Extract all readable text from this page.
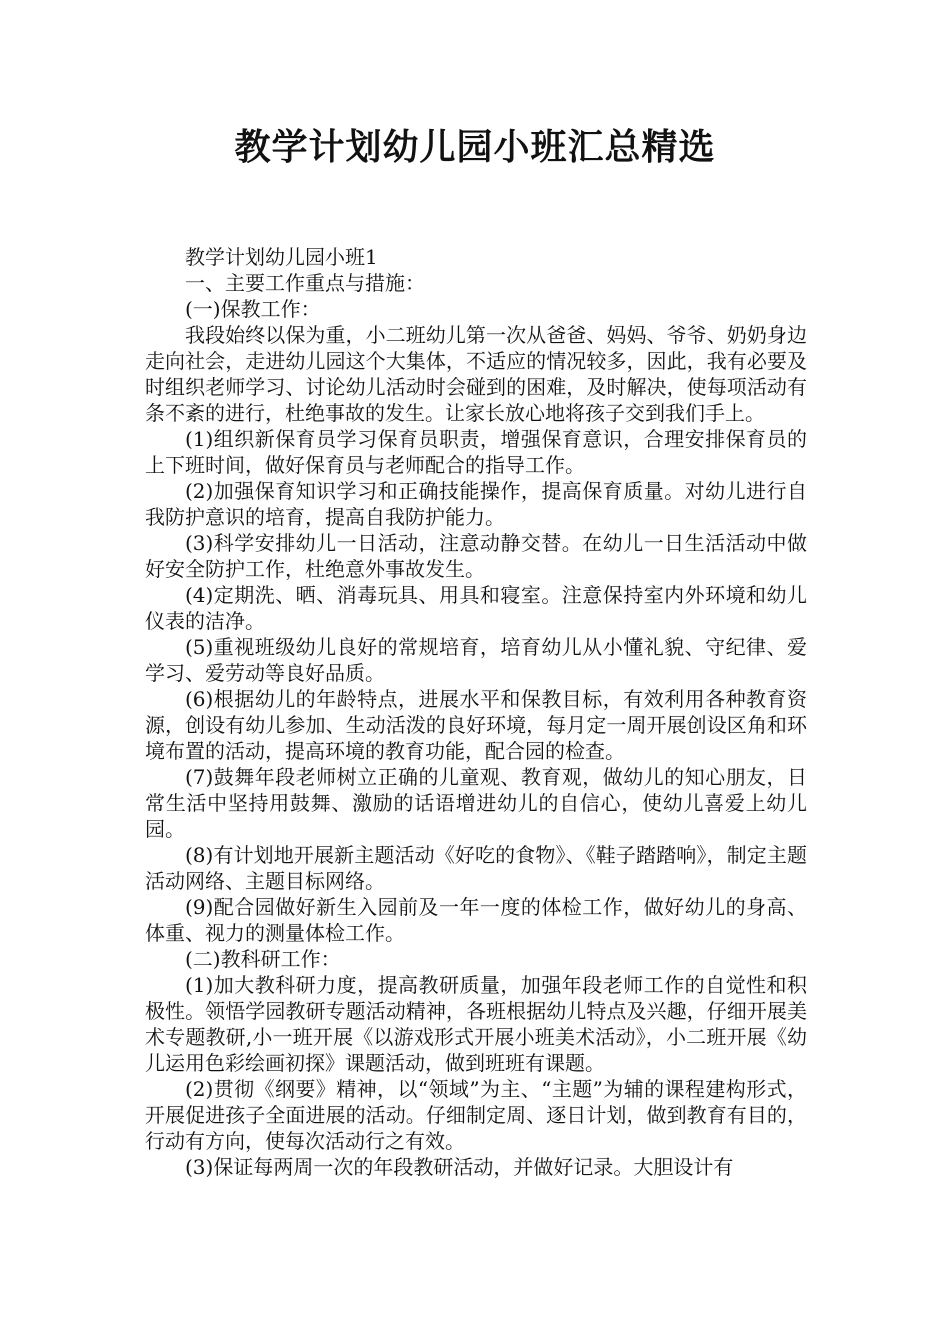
教学计划幼儿园小班汇总精选

教学计划幼儿园小班1

一、主要工作重点与措施：

(一)保教工作：

我段始终以保为重，小二班幼儿第一次从爸爸、妈妈、爷爷、奶奶身边走向社会，走进幼儿园这个大集体，不适应的情况较多，因此，我有必要及时组织老师学习、讨论幼儿活动时会碰到的困难，及时解决，使每项活动有条不紊的进行，杜绝事故的发生。让家长放心地将孩子交到我们手上。

(1)组织新保育员学习保育员职责，增强保育意识，合理安排保育员的上下班时间，做好保育员与老师配合的指导工作。

(2)加强保育知识学习和正确技能操作，提高保育质量。对幼儿进行自我防护意识的培育，提高自我防护能力。

(3)科学安排幼儿一日活动，注意动静交替。在幼儿一日生活活动中做好安全防护工作，杜绝意外事故发生。

(4)定期洗、晒、消毒玩具、用具和寝室。注意保持室内外环境和幼儿仪表的洁净。

(5)重视班级幼儿良好的常规培育，培育幼儿从小懂礼貌、守纪律、爱学习、爱劳动等良好品质。

(6)根据幼儿的年龄特点，进展水平和保教目标，有效利用各种教育资源，创设有幼儿参加、生动活泼的良好环境，每月定一周开展创设区角和环境布置的活动，提高环境的教育功能，配合园的检查。

(7)鼓舞年段老师树立正确的儿童观、教育观，做幼儿的知心朋友，日常生活中坚持用鼓舞、激励的话语增进幼儿的自信心，使幼儿喜爱上幼儿园。

(8)有计划地开展新主题活动《好吃的食物》、《鞋子踏踏响》，制定主题活动网络、主题目标网络。

(9)配合园做好新生入园前及一年一度的体检工作，做好幼儿的身高、体重、视力的测量体检工作。

(二)教科研工作：

(1)加大教科研力度，提高教研质量，加强年段老师工作的自觉性和积极性。领悟学园教研专题活动精神，各班根据幼儿特点及兴趣，仔细开展美术专题教研,小一班开展《以游戏形式开展小班美术活动》，小二班开展《幼儿运用色彩绘画初探》课题活动，做到班班有课题。

(2)贯彻《纲要》精神，以“领域”为主、“主题”为辅的课程建构形式，开展促进孩子全面进展的活动。仔细制定周、逐日计划，做到教育有目的，行动有方向，使每次活动行之有效。

(3)保证每两周一次的年段教研活动，并做好记录。大胆设计有
